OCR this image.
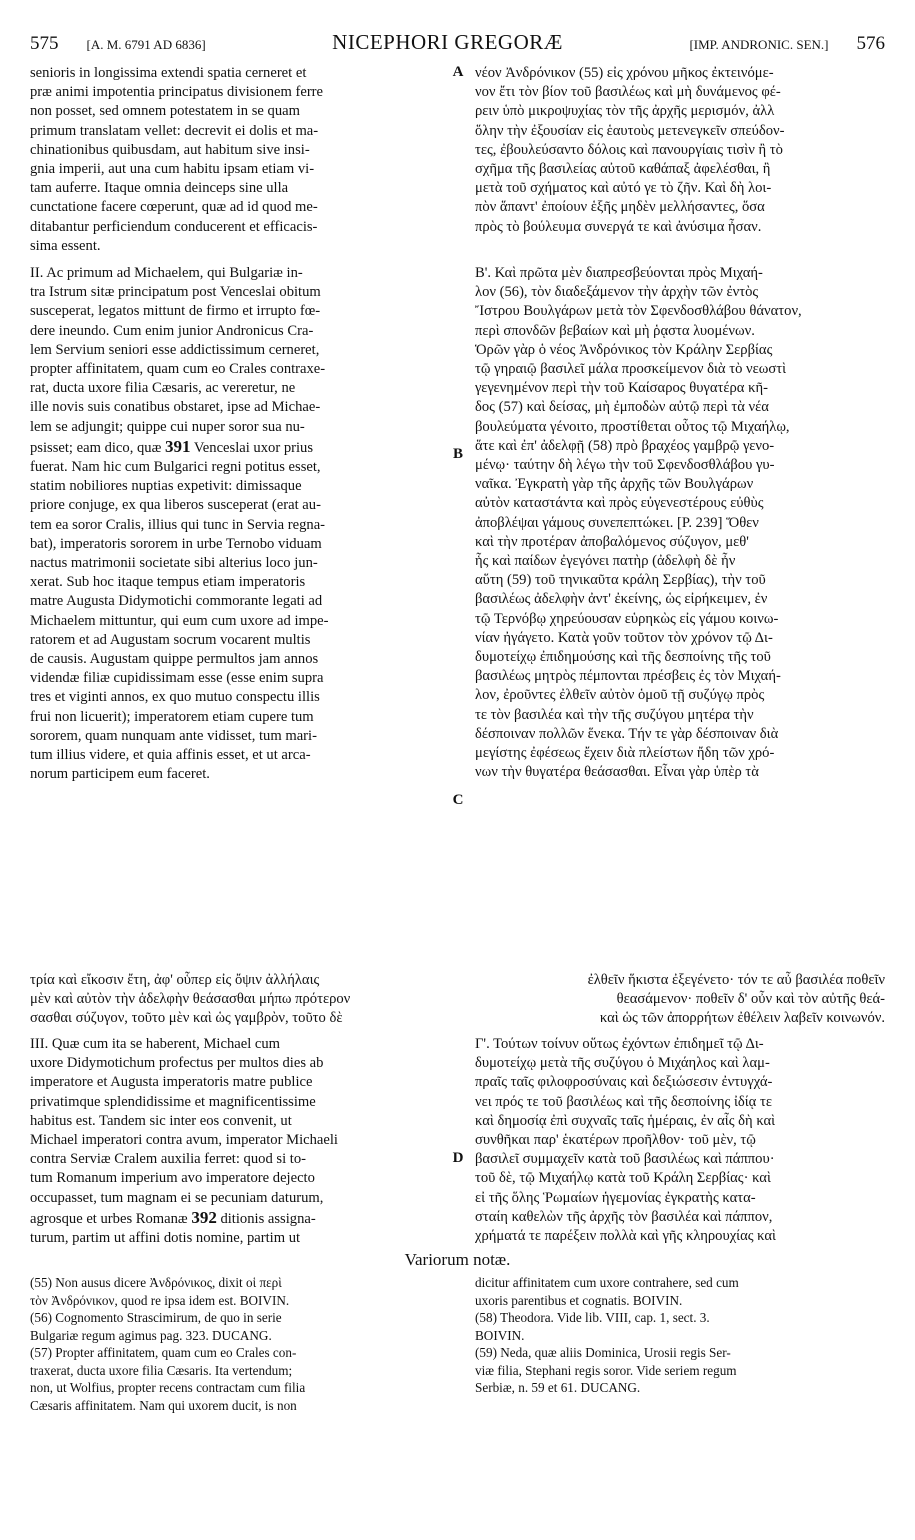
575 [A. M. 6791 AD 6836]	NICEPHORI GREGORÆ	[IMP. ANDRONIC. SEN.] 576
senioris in longissima extendi spatia cerneret et
præ animi impotentia principatus divisionem ferre
non posset, sed omnem potestatem in se quam
primum translatam vellet: decrevit ei dolis et ma-
chinationibus quibusdam, aut habitum sive insi-
gnia imperii, aut una cum habitu ipsam etiam vi-
tam auferre. Itaque omnia deinceps sine ulla
cunctatione facere cœperunt, quæ ad id quod me-
ditabantur perficiendum conducerent et efficacis-
sima essent.
νέον Ἀνδρόνικον (55) εἰς χρόνου μῆκος ἐκτεινόμε-
νον ἔτι τὸν βίον τοῦ βασιλέως καὶ μὴ δυνάμενος φέ-
ρειν ὑπὸ μικροψυχίας τὸν τῆς ἀρχῆς μερισμόν, ἀλλ
ὅλην τὴν ἐξουσίαν εἰς ἑαυτοὺς μετενεγκεῖν σπεύδον-
τες, ἐβουλεύσαντο δόλοις καὶ πανουργίαις τισὶν ἢ τὸ
σχῆμα τῆς βασιλείας αὐτοῦ καθάπαξ ἀφελέσθαι, ἢ
μετὰ τοῦ σχήματος καὶ αὐτό γε τὸ ζῆν. Καὶ δὴ λοι-
πὸν ἅπαντ' ἐποίουν ἑξῆς μηδὲν μελλήσαντες, ὅσα
πρὸς τὸ βούλευμα συνεργά τε καὶ ἀνύσιμα ἦσαν.
A
II. Ac primum ad Michaelem, qui Bulgariæ in-
tra Istrum sitæ principatum post Venceslai obitum
susceperat, legatos mittunt de firmo et irrupto fœ-
dere ineundo. Cum enim junior Andronicus Cra-
lem Servium seniori esse addictissimum cerneret,
propter affinitatem, quam cum eo Crales contraxe-
rat, ducta uxore filia Cæsaris, ac vereretur, ne
ille novis suis conatibus obstaret, ipse ad Michae-
lem se adjungit; quippe cui nuper soror sua nu-
psisset; eam dico, quæ 391 Venceslai uxor prius
fuerat. Nam hic cum Bulgarici regni potitus esset,
statim nobiliores nuptias expetivit: dimissaque
priore conjuge, ex qua liberos susceperat (erat au-
tem ea soror Cralis, illius qui tunc in Servia regna-
bat), imperatoris sororem in urbe Ternobo viduam
nactus matrimonii societate sibi alterius loco jun-
xerat. Sub hoc itaque tempus etiam imperatoris
matre Augusta Didymotichi commorante legati ad
Michaelem mittuntur, qui eum cum uxore ad impe-
ratorem et ad Augustam socrum vocarent multis
de causis. Augustam quippe permultos jam annos
videndæ filiæ cupidissimam esse (esse enim supra
tres et viginti annos, ex quo mutuo conspectu illis
frui non licuerit); imperatorem etiam cupere tum
sororem, quam nunquam ante vidisset, tum mari-
tum illius videre, et quia affinis esset, et ut arca-
norum participem eum faceret.
Β'. Καὶ πρῶτα μὲν διαπρεσβεύονται πρὸς Μιχαή-
λον (56), τὸν διαδεξάμενον τὴν ἀρχὴν τῶν ἐντὸς
Ἴστρου Βουλγάρων μετὰ τὸν Σφενδοσθλάβου θάνατον,
περὶ σπονδῶν βεβαίων καὶ μὴ ῥᾳστα λυομένων.
Ὁρῶν γὰρ ὁ νέος Ἀνδρόνικος τὸν Κράλην Σερβίας
τῷ γηραιῷ βασιλεῖ μάλα προσκείμενον διὰ τὸ νεωστὶ
γεγενημένον περὶ τὴν τοῦ Καίσαρος θυγατέρα κῆ-
δος (57) καὶ δείσας, μὴ ἐμποδὼν αὐτῷ περὶ τὰ νέα
βουλεύματα γένοιτο, προστίθεται οὗτος τῷ Μιχαήλῳ,
ἅτε καὶ ἐπ' ἀδελφῇ (58) πρὸ βραχέος γαμβρῷ γενο-
μένῳ· ταύτην δὴ λέγω τὴν τοῦ Σφενδοσθλάβου γυ-
ναῖκα. Ἐγκρατὴ γὰρ τῆς ἀρχῆς τῶν Βουλγάρων
αὐτὸν καταστάντα καὶ πρὸς εὐγενεστέρους εὐθὺς
ἀποβλέψαι γάμους συνεπεπτώκει. [P. 239] Ὅθεν
καὶ τὴν προτέραν ἀποβαλόμενος σύζυγον, μεθ'
ἧς καὶ παίδων ἐγεγόνει πατὴρ (ἀδελφὴ δὲ ἦν
αὕτη (59) τοῦ τηνικαῦτα κράλη Σερβίας), τὴν τοῦ
βασιλέως ἀδελφὴν ἀντ' ἐκείνης, ὡς εἰρήκειμεν, ἐν
τῷ Τερνόβῳ χηρεύουσαν εὑρηκὼς εἰς γάμου κοινω-
νίαν ἠγάγετο. Κατὰ γοῦν τοῦτον τὸν χρόνον τῷ Δι-
δυμοτείχῳ ἐπιδημούσης καὶ τῆς δεσποίνης τῆς τοῦ
βασιλέως μητρὸς πέμπονται πρέσβεις ἐς τὸν Μιχαή-
λον, ἐροῦντες ἐλθεῖν αὐτὸν ὁμοῦ τῇ συζύγῳ πρὸς
τε τὸν βασιλέα καὶ τὴν τῆς συζύγου μητέρα τὴν
δέσποιναν πολλῶν ἕνεκα. Τήν τε γὰρ δέσποιναν διὰ
μεγίστης ἐφέσεως ἔχειν διὰ πλείστων ἤδη τῶν χρό-
νων τὴν θυγατέρα θεάσασθαι. Εἶναι γὰρ ὑπὲρ τὰ
B
C
τρία καὶ εἴκοσιν ἔτη, ἀφ' οὗπερ εἰς ὄψιν ἀλλήλαις	ἐλθεῖν ἥκιστα ἐξεγένετο· τόν τε αὖ βασιλέα ποθεῖν
μὲν καὶ αὐτὸν τὴν ἀδελφὴν θεάσασθαι μήπω πρότερον	θεασάμενον· ποθεῖν δ' οὖν καὶ τὸν αὐτῆς θεά-
σασθαι σύζυγον, τοῦτο μὲν καὶ ὡς γαμβρὸν, τοῦτο δὲ	καὶ ὡς τῶν ἀπορρήτων ἐθέλειν λαβεῖν κοινωνόν.
III. Quæ cum ita se haberent, Michael cum
uxore Didymotichum profectus per multos dies ab
imperatore et Augusta imperatoris matre publice
privatimque splendidissime et magnificentissime
habitus est. Tandem sic inter eos convenit, ut
Michael imperatori contra avum, imperator Michaeli
contra Serviæ Cralem auxilia ferret: quod si to-
tum Romanum imperium avo imperatore dejecto
occupasset, tum magnam ei se pecuniam daturum,
agrosque et urbes Romanæ 392 ditionis assigna-
turum, partim ut affini dotis nomine, partim ut
Γ'. Τούτων τοίνυν οὕτως ἐχόντων ἐπιδημεῖ τῷ Δι-
δυμοτείχῳ μετὰ τῆς συζύγου ὁ Μιχάηλος καὶ λαμ-
πραῖς ταῖς φιλοφροσύναις καὶ δεξιώσεσιν ἐντυγχά-
νει πρός τε τοῦ βασιλέως καὶ τῆς δεσποίνης ἰδίᾳ τε
καὶ δημοσίᾳ ἐπὶ συχναῖς ταῖς ἡμέραις, ἐν αἷς δὴ καὶ
συνθῆκαι παρ' ἑκατέρων προῆλθον· τοῦ μὲν, τῷ
βασιλεῖ συμμαχεῖν κατὰ τοῦ βασιλέως καὶ πάππου·
τοῦ δὲ, τῷ Μιχαήλῳ κατὰ τοῦ Κράλη Σερβίας· καὶ
εἰ τῆς ὅλης Ῥωμαίων ἡγεμονίας ἐγκρατὴς κατα-
σταίη καθελὼν τῆς ἀρχῆς τὸν βασιλέα καὶ πάππον,
χρήματά τε παρέξειν πολλὰ καὶ γῆς κληρουχίας καὶ
D
Variorum notæ.
(55) Non ausus dicere Ἀνδρόνικος, dixit οἱ περὶ
τὸν Ἀνδρόνικον, quod re ipsa idem est. BOIVIN.
(56) Cognomento Strascimirum, de quo in serie
Bulgariæ regum agimus pag. 323. DUCANG.
(57) Propter affinitatem, quam cum eo Crales con-
traxerat, ducta uxore filia Cæsaris. Ita vertendum;
non, ut Wolfius, propter recens contractam cum filia
Cæsaris affinitatem. Nam qui uxorem ducit, is non
dicitur affinitatem cum uxore contrahere, sed cum
uxoris parentibus et cognatis. BOIVIN.
(58) Theodora. Vide lib. VIII, cap. 1, sect. 3.
BOIVIN.
(59) Neda, quæ aliis Dominica, Urosii regis Ser-
viæ filia, Stephani regis soror. Vide seriem regum
Serbiæ, n. 59 et 61. DUCANG.
